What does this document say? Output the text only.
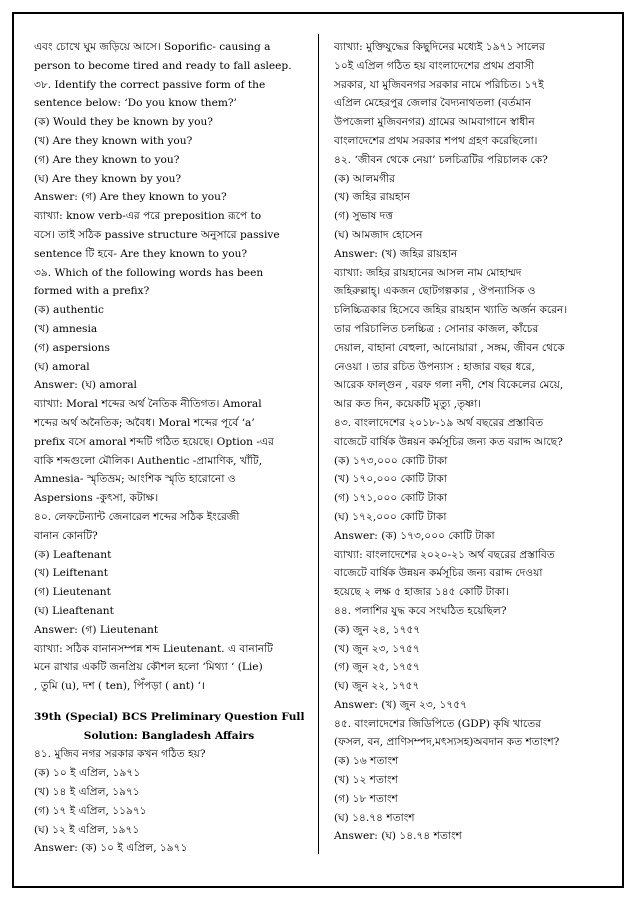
এবং চোখে ঘুম জড়িয়ে আসে। Soporific- causing a
person to become tired and ready to fall asleep.
৩৮. Identify the correct passive form of the
sentence below: ‘Do you know them?’
(ক) Would they be known by you?
(খ) Are they known with you?
(গ) Are they known to you?
(ঘ) Are they known by you?
Answer: (গ) Are they known to you?
ব্যাখ্যা: know verb-এর পরে preposition রূপে to
বসে। তাই সঠিক passive structure অনুসারে passive
sentence টি হবে- Are they known to you?
৩৯. Which of the following words has been
formed with a prefix?
(ক) authentic
(খ) amnesia
(গ) aspersions
(ঘ) amoral
Answer: (ঘ) amoral
ব্যাখ্যা: Moral শব্দের অর্থ নৈতিক নীতিগত। Amoral
শব্দের অর্থ অনৈতিক; অবৈধ। Moral শব্দের পূর্বে ‘a’
prefix বসে amoral শব্দটি গঠিত হয়েছে। Option -এর
বাকি শব্দগুলো মৌলিক। Authentic -প্রামাণিক, খাঁটি,
Amnesia- স্মৃতিভ্রম; আংশিক স্মৃতি হারোনো ও
Aspersions -কুৎসা, কটাক্ষ।
৪০. লেফটেন্যান্ট জেনারেল শব্দের সঠিক ইংরেজী
বানান কোনটি?
(ক) Leaftenant
(খ) Leiftenant
(গ) Lieutenant
(ঘ) Lieaftenant
Answer: (গ) Lieutenant
ব্যাখ্যা: সঠিক বানানসম্পন্ন শব্দ Lieutenant. এ বানানটি
মনে রাখার একটি জনপ্রিয় কৌশল হলো ‘মিথ্যা ‘ (Lie)
, তুমি (u), দশ ( ten), পিঁপড়া ( ant) ‘।
39th (Special) BCS Preliminary Question Full
Solution: Bangladesh Affairs
৪১. মুজিব নগর সরকার কখন গঠিত হয়?
(ক) ১০ ই এপ্রিল, ১৯৭১
(খ) ১৪ ই এপ্রিল, ১৯৭১
(গ) ১৭ ই এপ্রিল, ১১৯৭১
(ঘ) ১২ ই এপ্রিল, ১৯৭১
Answer: (ক) ১০ ই এপ্রিল, ১৯৭১
ব্যাখ্যা: মুক্তিযুদ্ধের কিছুদিনের মধ্যেই ১৯৭১ সালের
১০ই এপ্রিল গঠিত হয় বাংলাদেশের প্রথম প্রবাসী
সরকার, যা মুজিবনগর সরকার নামে পরিচিত। ১৭ই
এপ্রিল মেহেরপুর জেলার বৈদ্যনাথতলা (বর্তমান
উপজেলা মুজিবনগর) গ্রামের আমবাগানে স্বাধীন
বাংলাদেশের প্রথম সরকার শপথ গ্রহণ করেছিলো।
৪২. ‘জীবন থেকে নেয়া’ চলচিত্রটির পরিচালক কে?
(ক) আলমগীর
(খ) জহির রায়হান
(গ) সুভাষ দত্ত
(ঘ) আমজাদ হোসেন
Answer: (খ) জহির রায়হান
ব্যাখ্যা: জহির রায়হানের আসল নাম মোহাম্মদ
জহিরুল্লাহ্। একজন ছোটগল্পকার , ঔপন্যাসিক ও
চলিচ্চিত্রকার হিসেবে জহির রায়হান খ্যাতি অর্জন করেন।
তার পরিচালিত চলচ্চিত্র : সোনার কাজল, কাঁচের
দেয়াল, বাহানা বেহুলা, আনোয়ারা , সঙ্গম, জীবন থেকে
নেওয়া । তার রচিত উপন্যাস : হাজার বছর ধরে,
আরেক ফাল্গুন , বরফ গলা নদী, শেষ বিকেলের মেয়ে,
আর কত দিন, কয়েকটি মৃত্যু ,তৃষ্ণা।
৪৩. বাংলাদেশের ২০১৮-১৯ অর্থ বছরের প্রস্তাবিত
বাজেটে বার্ষিক উন্নয়ন কর্মসূচির জন্য কত বরাদ্দ আছে?
(ক) ১৭৩,০০০ কোটি টাকা
(খ) ১৭০,০০০ কোটি টাকা
(গ) ১৭১,০০০ কোটি টাকা
(ঘ) ১৭২,০০০ কোটি টাকা
Answer: (ক) ১৭৩,০০০ কোটি টাকা
ব্যাখ্যা: বাংলাদেশের ২০২০-২১ অর্থ বছরের প্রস্তাবিত
বাজেটে বার্ষিক উন্নয়ন কর্মসূচির জন্য বরাদ্দ দেওয়া
হয়েছে ২ লক্ষ ৫ হাজার ১৪৫ কোটি টাকা।
৪৪. পলাশির যুদ্ধ কবে সংঘঠিত হয়েছিল?
(ক) জুন ২৪, ১৭৫৭
(খ) জুন ২৩, ১৭৫৭
(গ) জুন ২৫, ১৭৫৭
(ঘ) জুন ২২, ১৭৫৭
Answer: (খ) জুন ২৩, ১৭৫৭
৪৫. বাংলাদেশের জিডিপিতে (GDP) কৃষি খাতের
(ফসল, বন, প্রাণিসম্পদ,মৎস্যসহ)অবদান কত শতাংশ?
(ক) ১৬ শতাংশ
(খ) ১২ শতাংশ
(গ) ১৮ শতাংশ
(ঘ) ১৪.৭৪ শতাংশ
Answer: (ঘ) ১৪.৭৪ শতাংশ
